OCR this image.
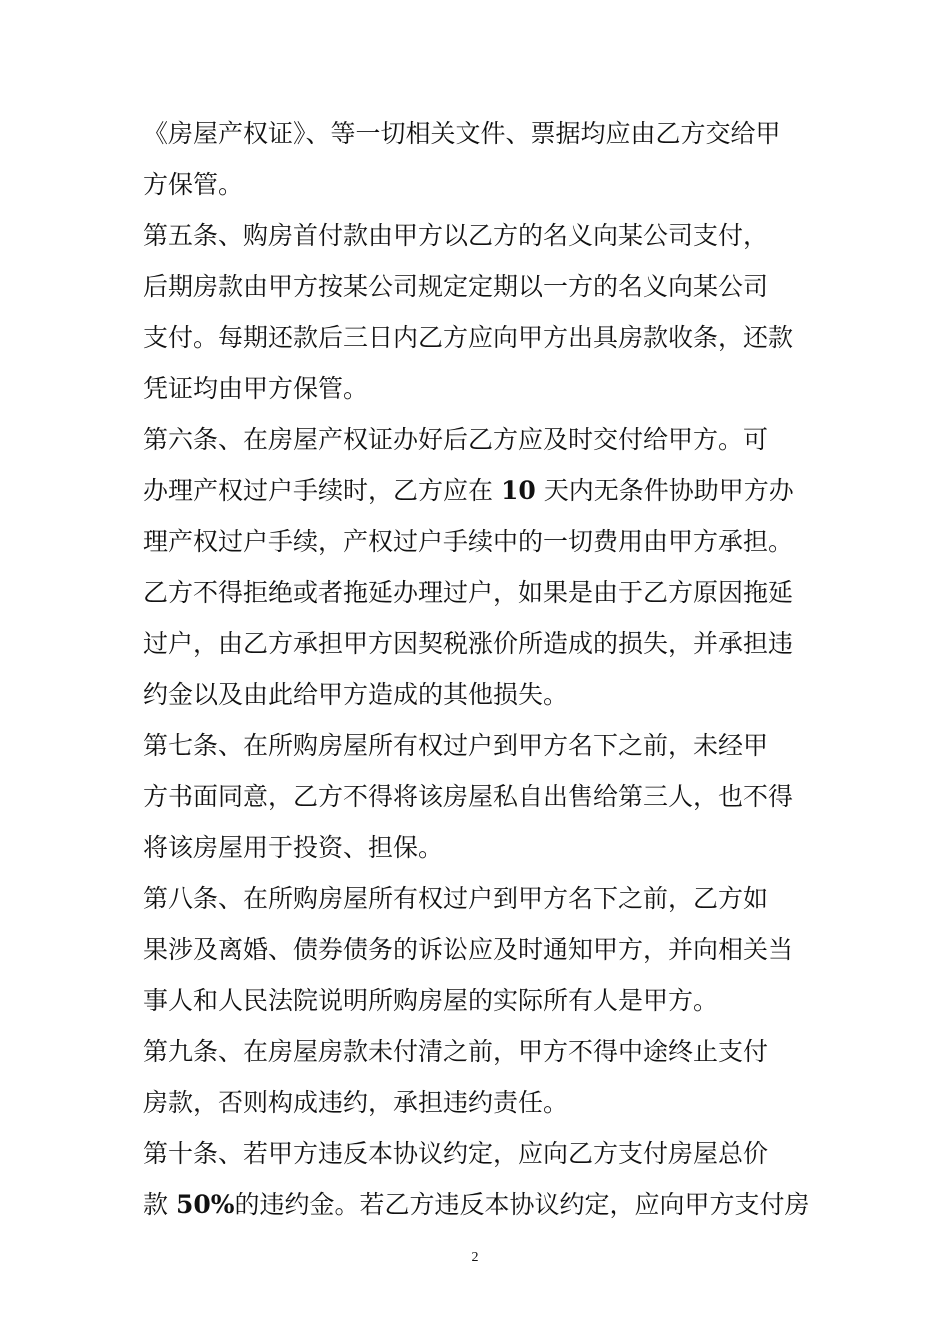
《房屋产权证》、等一切相关文件、票据均应由乙方交给甲
方保管。
第五条、购房首付款由甲方以乙方的名义向某公司支付，
后期房款由甲方按某公司规定定期以一方的名义向某公司
支付。每期还款后三日内乙方应向甲方出具房款收条，还款
凭证均由甲方保管。
第六条、在房屋产权证办好后乙方应及时交付给甲方。可
办理产权过户手续时，乙方应在 10 天内无条件协助甲方办
理产权过户手续，产权过户手续中的一切费用由甲方承担。
乙方不得拒绝或者拖延办理过户，如果是由于乙方原因拖延
过户，由乙方承担甲方因契税涨价所造成的损失，并承担违
约金以及由此给甲方造成的其他损失。
第七条、在所购房屋所有权过户到甲方名下之前，未经甲
方书面同意，乙方不得将该房屋私自出售给第三人，也不得
将该房屋用于投资、担保。
第八条、在所购房屋所有权过户到甲方名下之前，乙方如
果涉及离婚、债券债务的诉讼应及时通知甲方，并向相关当
事人和人民法院说明所购房屋的实际所有人是甲方。
第九条、在房屋房款未付清之前，甲方不得中途终止支付
房款，否则构成违约，承担违约责任。
第十条、若甲方违反本协议约定，应向乙方支付房屋总价
款 50%的违约金。若乙方违反本协议约定，应向甲方支付房
2
